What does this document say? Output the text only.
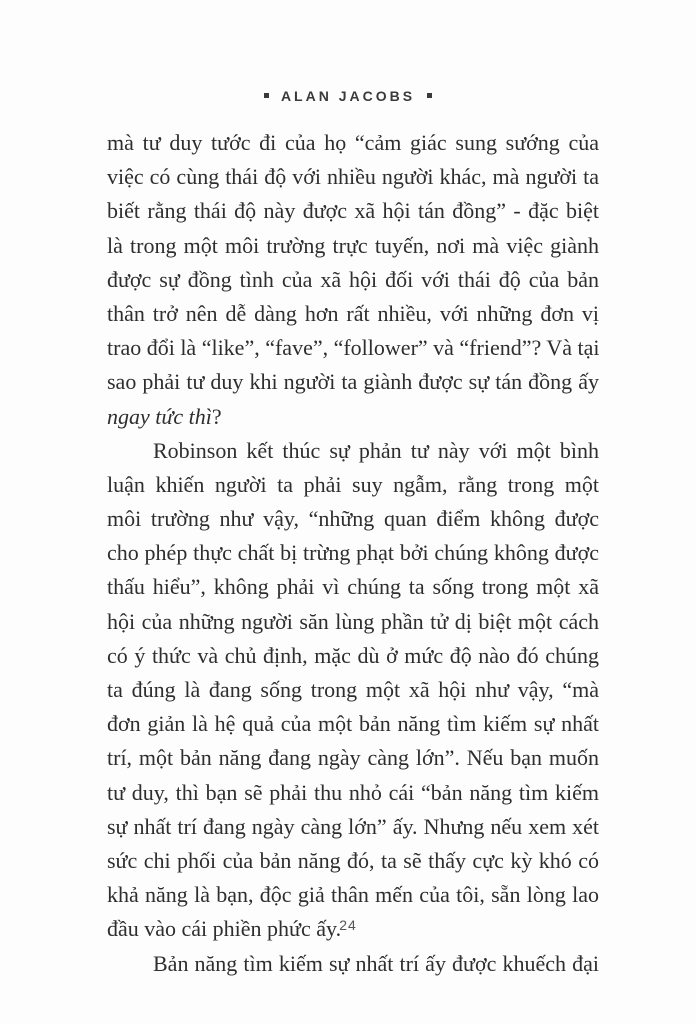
ALAN JACOBS
mà tư duy tước đi của họ “cảm giác sung sướng của
việc có cùng thái độ với nhiều người khác, mà người ta
biết rằng thái độ này được xã hội tán đồng” - đặc biệt
là trong một môi trường trực tuyến, nơi mà việc giành
được sự đồng tình của xã hội đối với thái độ của bản
thân trở nên dễ dàng hơn rất nhiều, với những đơn vị
trao đổi là “like”, “fave”, “follower” và “friend”? Và tại
sao phải tư duy khi người ta giành được sự tán đồng ấy
ngay tức thì?
Robinson kết thúc sự phản tư này với một bình
luận khiến người ta phải suy ngẫm, rằng trong một
môi trường như vậy, “những quan điểm không được
cho phép thực chất bị trừng phạt bởi chúng không được
thấu hiểu”, không phải vì chúng ta sống trong một xã
hội của những người săn lùng phần tử dị biệt một cách
có ý thức và chủ định, mặc dù ở mức độ nào đó chúng
ta đúng là đang sống trong một xã hội như vậy, “mà
đơn giản là hệ quả của một bản năng tìm kiếm sự nhất
trí, một bản năng đang ngày càng lớn”. Nếu bạn muốn
tư duy, thì bạn sẽ phải thu nhỏ cái “bản năng tìm kiếm
sự nhất trí đang ngày càng lớn” ấy. Nhưng nếu xem xét
sức chi phối của bản năng đó, ta sẽ thấy cực kỳ khó có
khả năng là bạn, độc giả thân mến của tôi, sẵn lòng lao
đầu vào cái phiền phức ấy.
Bản năng tìm kiếm sự nhất trí ấy được khuếch đại
24
